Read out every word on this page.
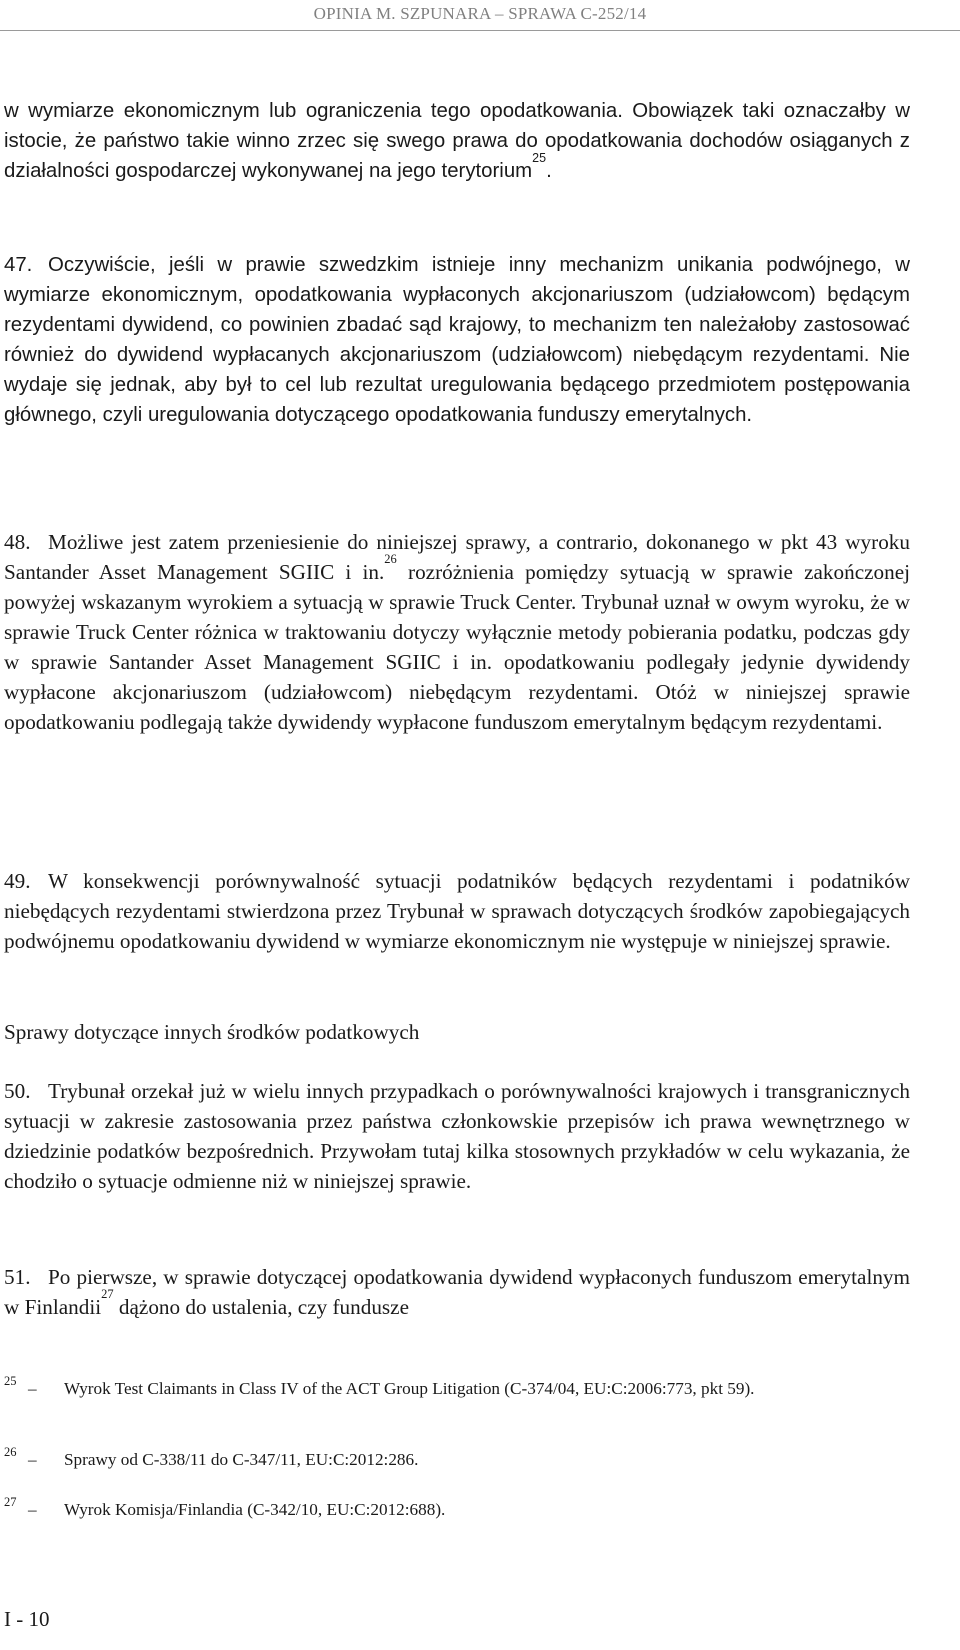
OPINIA M. SZPUNARA – SPRAWA C-252/14

w wymiarze ekonomicznym lub ograniczenia tego opodatkowania. Obowiązek taki oznaczałby w istocie, że państwo takie winno zrzec się swego prawa do opodatkowania dochodów osiąganych z działalności gospodarczej wykonywanej na jego terytorium$^{25}$.

47. Oczywiście, jeśli w prawie szwedzkim istnieje inny mechanizm unikania podwójnego, w wymiarze ekonomicznym, opodatkowania wypłaconych akcjonariuszom (udziałowcom) będącym rezydentami dywidend, co powinien zbadać sąd krajowy, to mechanizm ten należałoby zastosować również do dywidend wypłacanych akcjonariuszom (udziałowcom) niebędącym rezydentami. Nie wydaje się jednak, aby był to cel lub rezultat uregulowania będącego przedmiotem postępowania głównego, czyli uregulowania dotyczącego opodatkowania funduszy emerytalnych.

48. Możliwe jest zatem przeniesienie do niniejszej sprawy, a contrario, dokonanego w pkt 43 wyroku Santander Asset Management SGIIC i in.$^{26}$ rozróżnienia pomiędzy sytuacją w sprawie zakończonej powyżej wskazanym wyrokiem a sytuacją w sprawie Truck Center. Trybunał uznał w owym wyroku, że w sprawie Truck Center różnica w traktowaniu dotyczy wyłącznie metody pobierania podatku, podczas gdy w sprawie Santander Asset Management SGIIC i in. opodatkowaniu podlegały jedynie dywidendy wypłacone akcjonariuszom (udziałowcom) niebędącym rezydentami. Otóż w niniejszej sprawie opodatkowaniu podlegają także dywidendy wypłacone funduszom emerytalnym będącym rezydentami.

49. W konsekwencji porównywalność sytuacji podatników będących rezydentami i podatników niebędących rezydentami stwierdzona przez Trybunał w sprawach dotyczących środków zapobiegających podwójnemu opodatkowaniu dywidend w wymiarze ekonomicznym nie występuje w niniejszej sprawie.

Sprawy dotyczące innych środków podatkowych

50. Trybunał orzekał już w wielu innych przypadkach o porównywalności krajowych i transgranicznych sytuacji w zakresie zastosowania przez państwa członkowskie przepisów ich prawa wewnętrznego w dziedzinie podatków bezpośrednich. Przywołam tutaj kilka stosownych przykładów w celu wykazania, że chodziło o sytuacje odmienne niż w niniejszej sprawie.

51. Po pierwsze, w sprawie dotyczącej opodatkowania dywidend wypłaconych funduszom emerytalnym w Finlandii$^{27}$ dążono do ustalenia, czy fundusze

25 – Wyrok Test Claimants in Class IV of the ACT Group Litigation (C-374/04, EU:C:2006:773, pkt 59).
26 – Sprawy od C-338/11 do C-347/11, EU:C:2012:286.
27 – Wyrok Komisja/Finlandia (C-342/10, EU:C:2012:688).
I - 10
